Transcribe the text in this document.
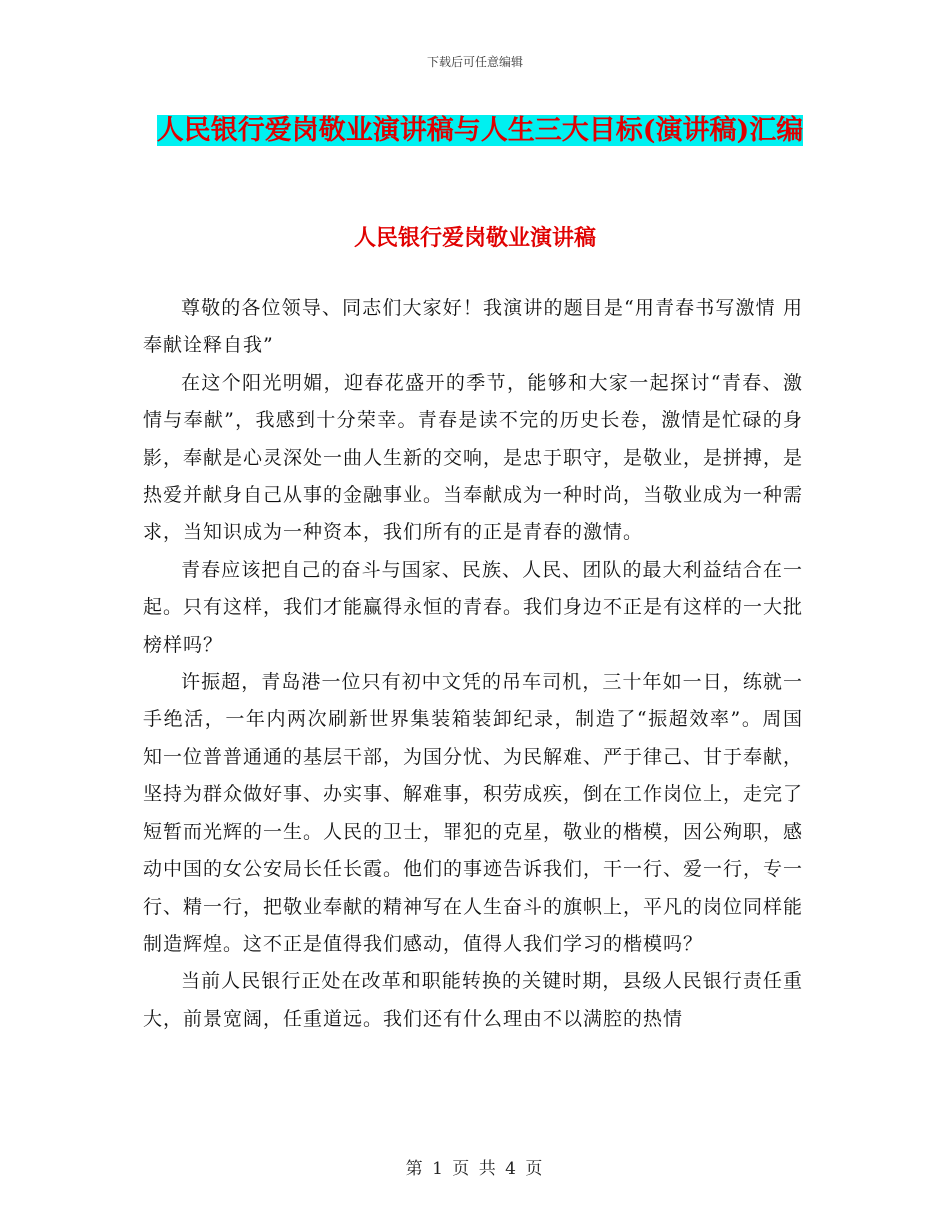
下载后可任意编辑
人民银行爱岗敬业演讲稿与人生三大目标(演讲稿)汇编
人民银行爱岗敬业演讲稿

尊敬的各位领导、同志们大家好！我演讲的题目是“用青春书写激情 用奉献诠释自我”

在这个阳光明媚，迎春花盛开的季节，能够和大家一起探讨“青春、激情与奉献”，我感到十分荣幸。青春是读不完的历史长卷，激情是忙碌的身影，奉献是心灵深处一曲人生新的交响，是忠于职守，是敬业，是拼搏，是热爱并献身自己从事的金融事业。当奉献成为一种时尚，当敬业成为一种需求，当知识成为一种资本，我们所有的正是青春的激情。

青春应该把自己的奋斗与国家、民族、人民、团队的最大利益结合在一起。只有这样，我们才能赢得永恒的青春。我们身边不正是有这样的一大批榜样吗？

许振超，青岛港一位只有初中文凭的吊车司机，三十年如一日，练就一手绝活，一年内两次刷新世界集装箱装卸纪录，制造了“振超效率”。周国知一位普普通通的基层干部，为国分忧、为民解难、严于律己、甘于奉献，坚持为群众做好事、办实事、解难事，积劳成疾，倒在工作岗位上，走完了短暂而光辉的一生。人民的卫士，罪犯的克星，敬业的楷模，因公殉职，感动中国的女公安局长任长霞。他们的事迹告诉我们，干一行、爱一行，专一行、精一行，把敬业奉献的精神写在人生奋斗的旗帜上，平凡的岗位同样能制造辉煌。这不正是值得我们感动，值得人我们学习的楷模吗？

当前人民银行正处在改革和职能转换的关键时期，县级人民银行责任重大，前景宽阔，任重道远。我们还有什么理由不以满腔的热情

第 1 页 共 4 页
